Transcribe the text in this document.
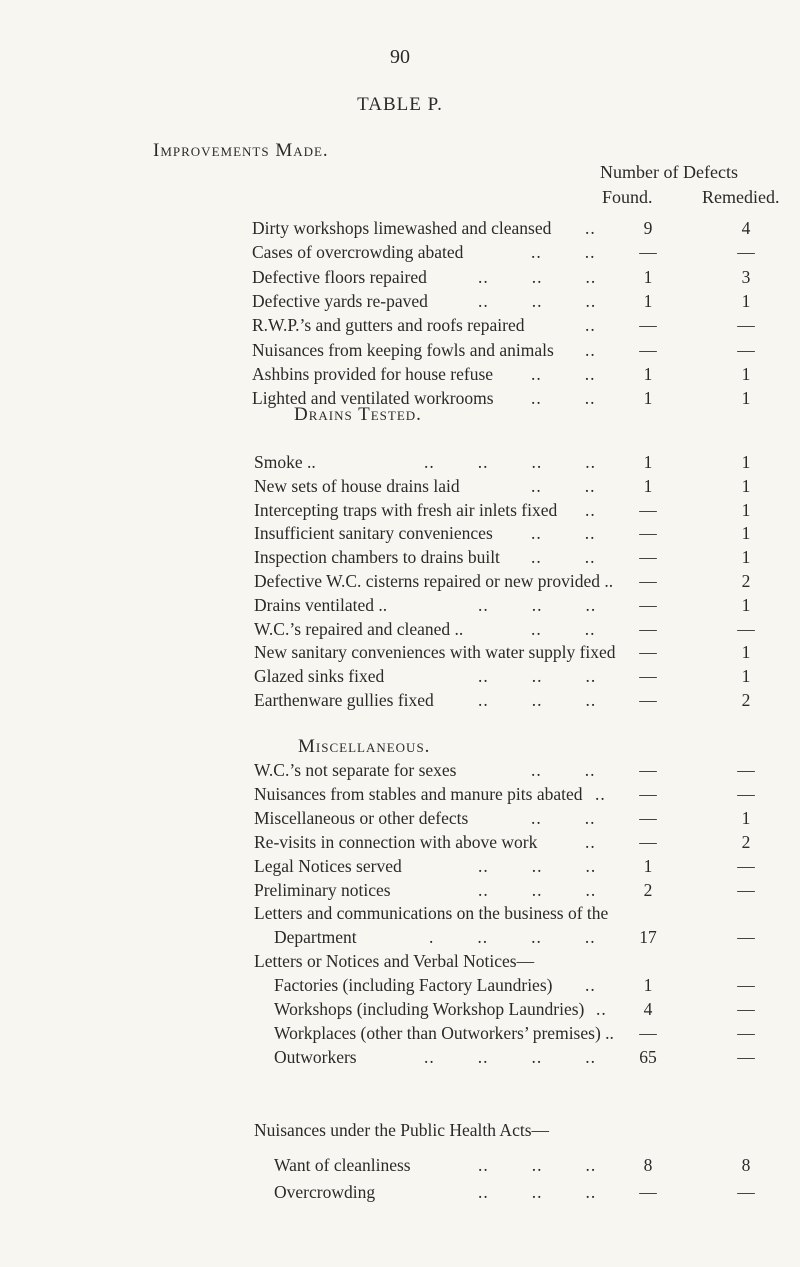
90
TABLE P.
Improvements Made.
Number of Defects
Found.	Remedied.
Dirty workshops limewashed and cleansed ..	9	4
Cases of overcrowding abated	..        ..	—	—
Defective floors repaired	..        ..        ..	1	3
Defective yards re-paved	..        ..        ..	1	1
R.W.P.’s and gutters and roofs repaired	..	—	—
Nuisances from keeping fowls and animals ..	—	—
Ashbins provided for house refuse ..        ..	1	1
Lighted and ventilated workrooms ..        ..	1	1
Drains Tested.
Smoke ..	..        ..        ..        ..	1	1
New sets of house drains laid	..        ..	1	1
Intercepting traps with fresh air inlets fixed ..	—	1
Insufficient sanitary conveniences ..        ..	—	1
Inspection chambers to drains built ..        ..	—	1
Defective W.C. cisterns repaired or new provided ..	—	2
Drains ventilated ..	..        ..        ..	—	1
W.C.’s repaired and cleaned ..	..        ..	—	—
New sanitary conveniences with water supply fixed	—	1
Glazed sinks fixed	..        ..        ..	—	1
Earthenware gullies fixed	..        ..        ..	—	2
Miscellaneous.
W.C.’s not separate for sexes	..        ..	—	—
Nuisances from stables and manure pits abated ..	—	—
Miscellaneous or other defects	..        ..	—	1
Re-visits in connection with above work	..	—	2
Legal Notices served	..        ..        ..	1	—
Preliminary notices	..        ..        ..	2	—
Letters and communications on the business of the
Department	.        ..        ..        ..	17	—
Letters or Notices and Verbal Notices—
Factories (including Factory Laundries) ..	1	—
Workshops (including Workshop Laundries) ..	4	—
Workplaces (other than Outworkers’ premises) ..	—	—
Outworkers	..        ..        ..        ..	65	—
Nuisances under the Public Health Acts—
Want of cleanliness	..        ..        ..	8	8
Overcrowding	..        ..        ..	—	—
